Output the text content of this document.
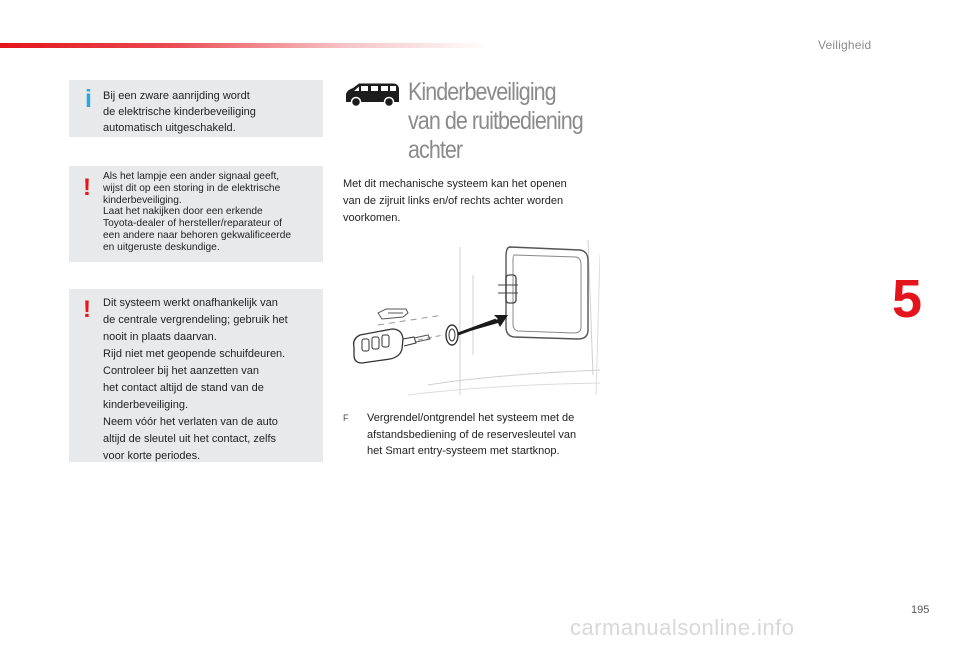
Veiligheid
5
i Bij een zware aanrijding wordt

de elektrische kinderbeveiliging

automatisch uitgeschakeld.

! Als het lampje een ander signaal geeft,

wijst dit op een storing in de elektrische

kinderbeveiliging.

Laat het nakijken door een erkende

Toyota-dealer of hersteller/reparateur of

een andere naar behoren gekwalificeerde

en uitgeruste deskundige.

! Dit systeem werkt onafhankelijk van

de centrale vergrendeling; gebruik het

nooit in plaats daarvan.

Rijd niet met geopende schuifdeuren.

Controleer bij het aanzetten van

het contact altijd de stand van de

kinderbeveiliging.

Neem vóór het verlaten van de auto

altijd de sleutel uit het contact, zelfs

voor korte periodes.

Kinderbeveiliging
van de ruitbediening
achter
Met dit mechanische systeem kan het openen
van de zijruit links en/of rechts achter worden
voorkomen.
F Vergrendel/ontgrendel het systeem met de
afstandsbediening of de reservesleutel van
het Smart entry-systeem met startknop.
195
carmanualsonline.info
